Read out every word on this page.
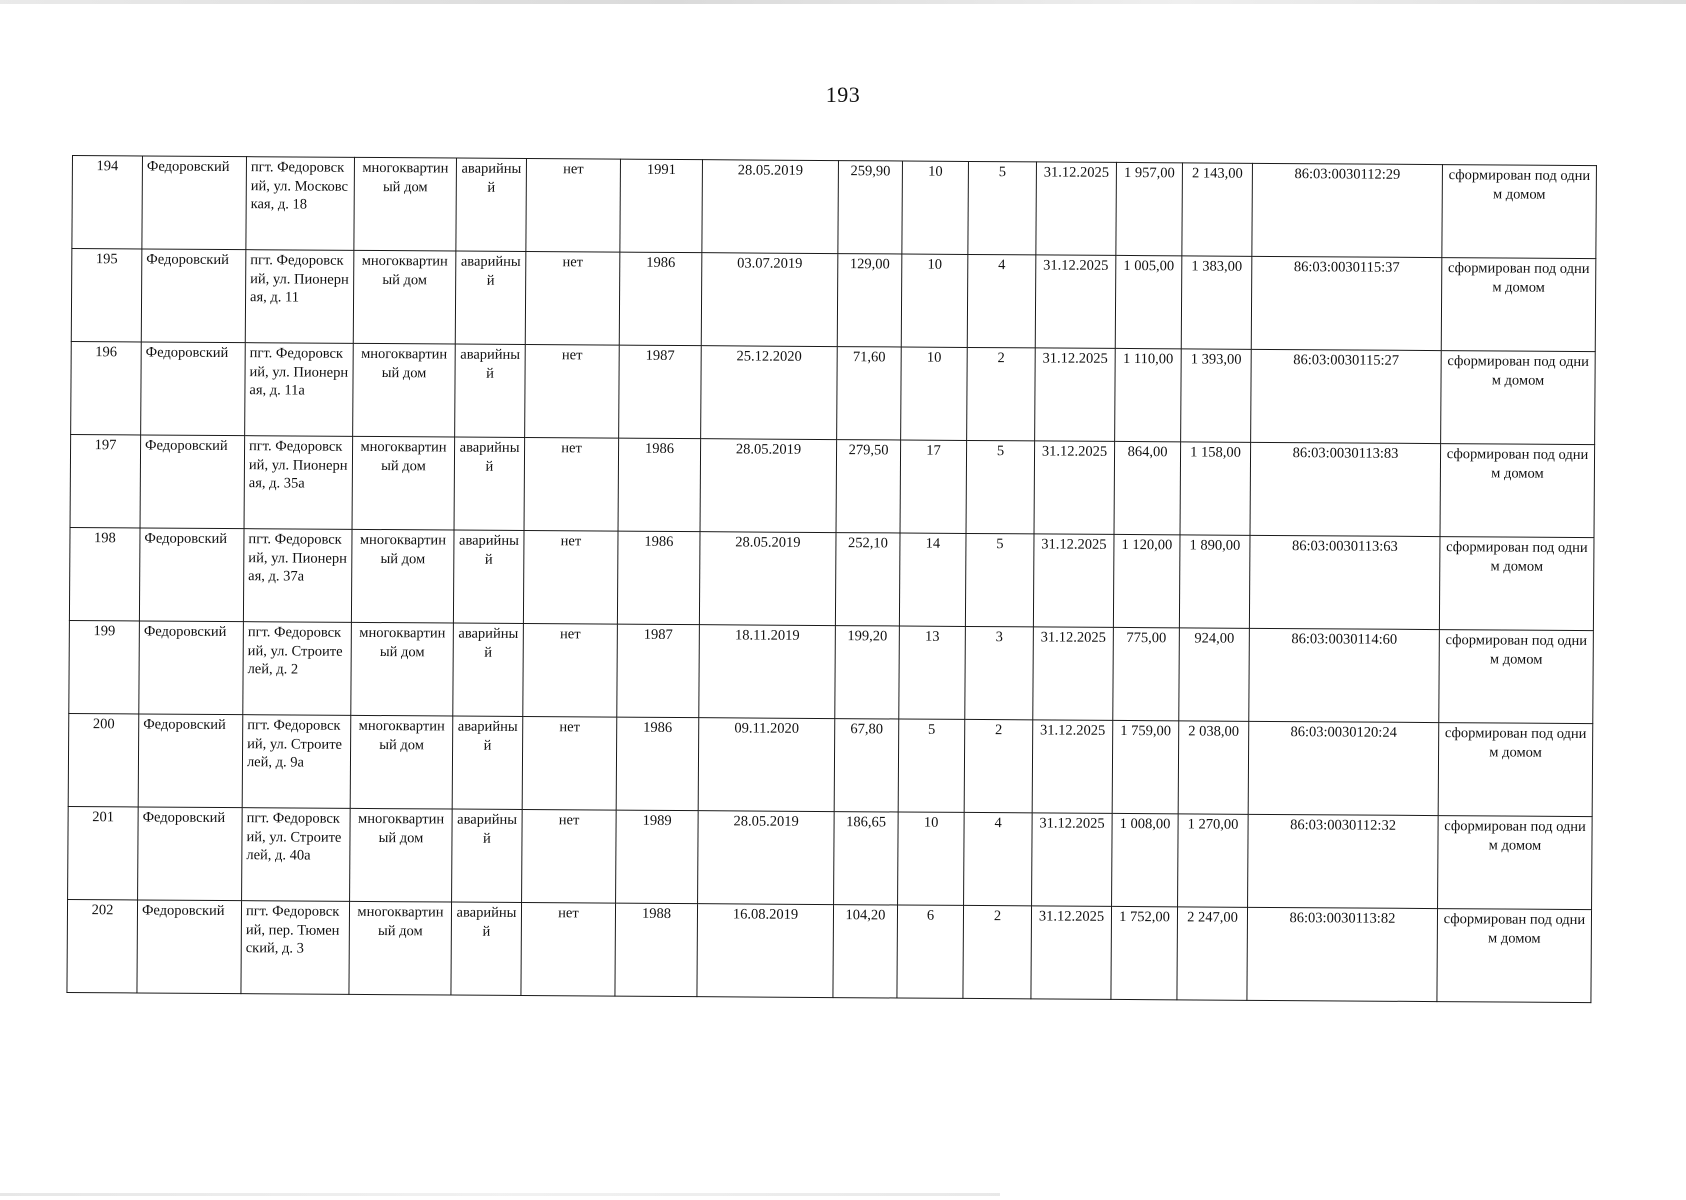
193
194	Федоровский	пгт. Федоровский, ул. Московская, д. 18	многоквартиный дом	аварийный	нет	1991	28.05.2019	259,90	10	5	31.12.2025	1 957,00	2 143,00	86:03:0030112:29	сформирован под одним домом
195	Федоровский	пгт. Федоровский, ул. Пионерная, д. 11	многоквартиный дом	аварийный	нет	1986	03.07.2019	129,00	10	4	31.12.2025	1 005,00	1 383,00	86:03:0030115:37	сформирован под одним домом
196	Федоровский	пгт. Федоровский, ул. Пионерная, д. 11а	многоквартиный дом	аварийный	нет	1987	25.12.2020	71,60	10	2	31.12.2025	1 110,00	1 393,00	86:03:0030115:27	сформирован под одним домом
197	Федоровский	пгт. Федоровский, ул. Пионерная, д. 35а	многоквартиный дом	аварийный	нет	1986	28.05.2019	279,50	17	5	31.12.2025	864,00	1 158,00	86:03:0030113:83	сформирован под одним домом
198	Федоровский	пгт. Федоровский, ул. Пионерная, д. 37а	многоквартиный дом	аварийный	нет	1986	28.05.2019	252,10	14	5	31.12.2025	1 120,00	1 890,00	86:03:0030113:63	сформирован под одним домом
199	Федоровский	пгт. Федоровский, ул. Строителей, д. 2	многоквартиный дом	аварийный	нет	1987	18.11.2019	199,20	13	3	31.12.2025	775,00	924,00	86:03:0030114:60	сформирован под одним домом
200	Федоровский	пгт. Федоровский, ул. Строителей, д. 9а	многоквартиный дом	аварийный	нет	1986	09.11.2020	67,80	5	2	31.12.2025	1 759,00	2 038,00	86:03:0030120:24	сформирован под одним домом
201	Федоровский	пгт. Федоровский, ул. Строителей, д. 40а	многоквартиный дом	аварийный	нет	1989	28.05.2019	186,65	10	4	31.12.2025	1 008,00	1 270,00	86:03:0030112:32	сформирован под одним домом
202	Федоровский	пгт. Федоровский, пер. Тюменский, д. 3	многоквартиный дом	аварийный	нет	1988	16.08.2019	104,20	6	2	31.12.2025	1 752,00	2 247,00	86:03:0030113:82	сформирован под одним домом
